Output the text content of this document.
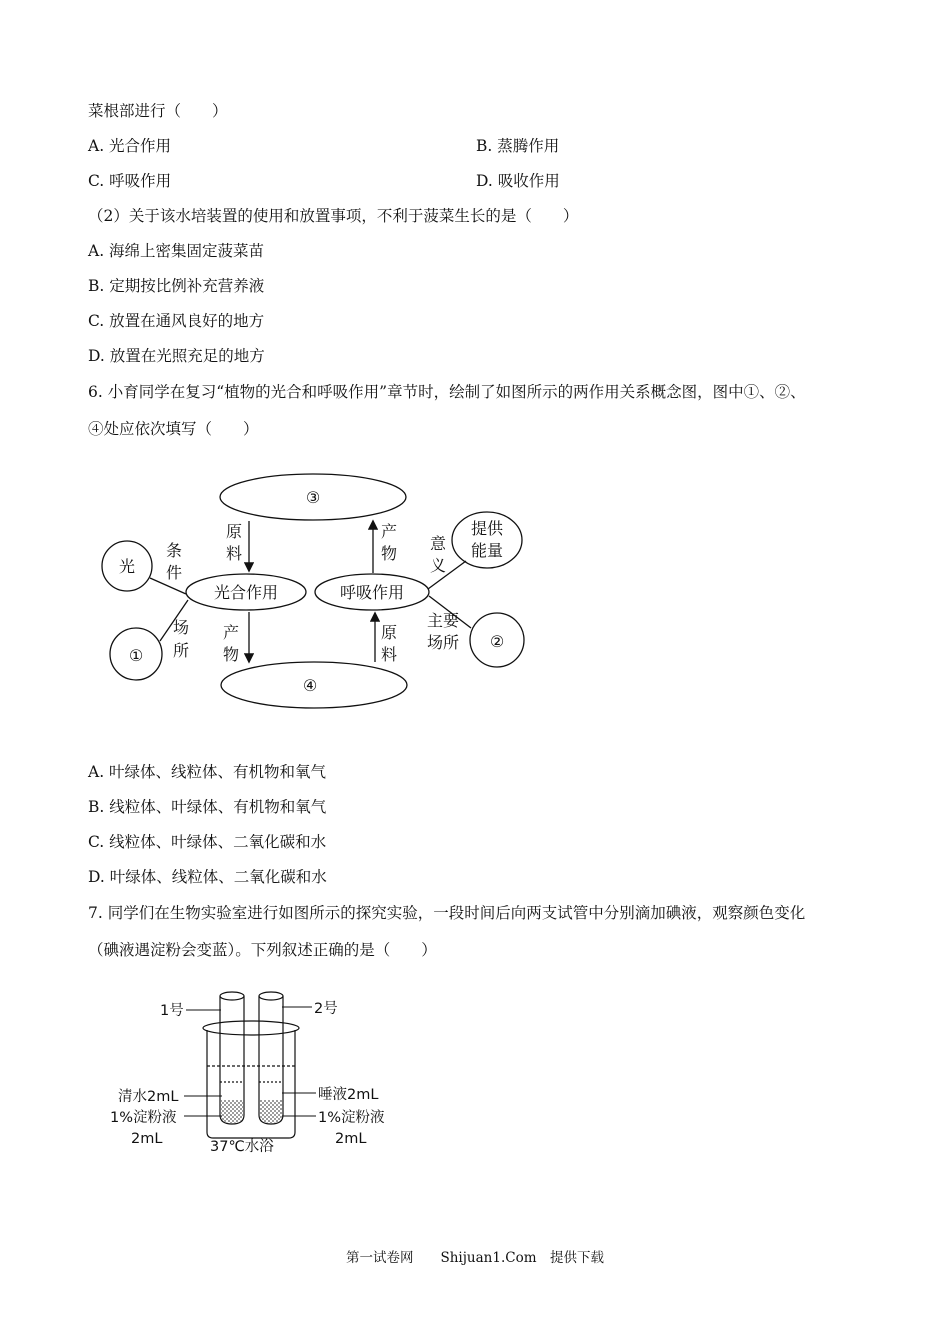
菜根部进行（　　）
A. 光合作用	B. 蒸腾作用
C. 呼吸作用	D. 吸收作用
（2）关于该水培装置的使用和放置事项，不利于菠菜生长的是（　　）
A. 海绵上密集固定菠菜苗
B. 定期按比例补充营养液
C. 放置在通风良好的地方
D. 放置在光照充足的地方
6. 小育同学在复习“植物的光合和呼吸作用”章节时，绘制了如图所示的两作用关系概念图，图中①、②、
④处应依次填写（　　）
③
④
光合作用	呼吸作用
光
①
②
提供
能量
条
件
场
所
意
义
主要
场所
原
料
产
物
产
物
原
料
A. 叶绿体、线粒体、有机物和氧气
B. 线粒体、叶绿体、有机物和氧气
C. 线粒体、叶绿体、二氧化碳和水
D. 叶绿体、线粒体、二氧化碳和水
7. 同学们在生物实验室进行如图所示的探究实验，一段时间后向两支试管中分别滴加碘液，观察颜色变化
（碘液遇淀粉会变蓝）。下列叙述正确的是（　　）
1号	2号
清水2mL
1%淀粉液
2mL
唾液2mL
1%淀粉液
2mL
37℃水浴
第一试卷网　　Shijuan1.Com　提供下载
